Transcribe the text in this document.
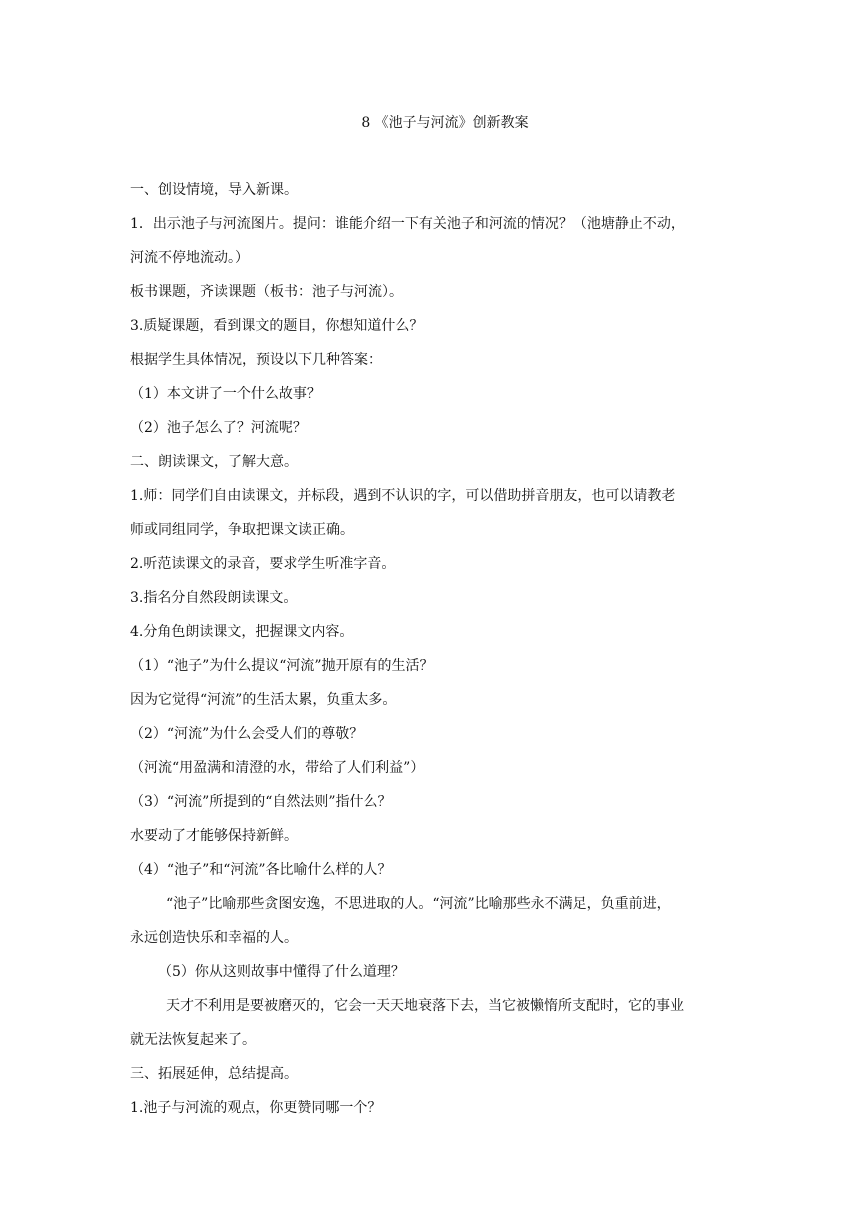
8 《池子与河流》创新教案
一、创设情境，导入新课。
1．出示池子与河流图片。提问：谁能介绍一下有关池子和河流的情况？（池塘静止不动，
河流不停地流动。）
板书课题，齐读课题（板书：池子与河流）。
3.质疑课题，看到课文的题目，你想知道什么？
根据学生具体情况，预设以下几种答案：
（1）本文讲了一个什么故事？
（2）池子怎么了？河流呢？
二、朗读课文，了解大意。
1.师：同学们自由读课文，并标段，遇到不认识的字，可以借助拼音朋友，也可以请教老
师或同组同学，争取把课文读正确。
2.听范读课文的录音，要求学生听准字音。
3.指名分自然段朗读课文。
4.分角色朗读课文，把握课文内容。
（1）“池子”为什么提议“河流”抛开原有的生活？
因为它觉得“河流”的生活太累，负重太多。
（2）“河流”为什么会受人们的尊敬？
（河流“用盈满和清澄的水，带给了人们利益”）
（3）“河流”所提到的“自然法则”指什么？
水要动了才能够保持新鲜。
（4）“池子”和“河流”各比喻什么样的人？
“池子”比喻那些贪图安逸，不思进取的人。“河流”比喻那些永不满足，负重前进，
永远创造快乐和幸福的人。
（5）你从这则故事中懂得了什么道理？
天才不利用是要被磨灭的，它会一天天地衰落下去，当它被懒惰所支配时，它的事业
就无法恢复起来了。
三、拓展延伸，总结提高。
1.池子与河流的观点，你更赞同哪一个？
